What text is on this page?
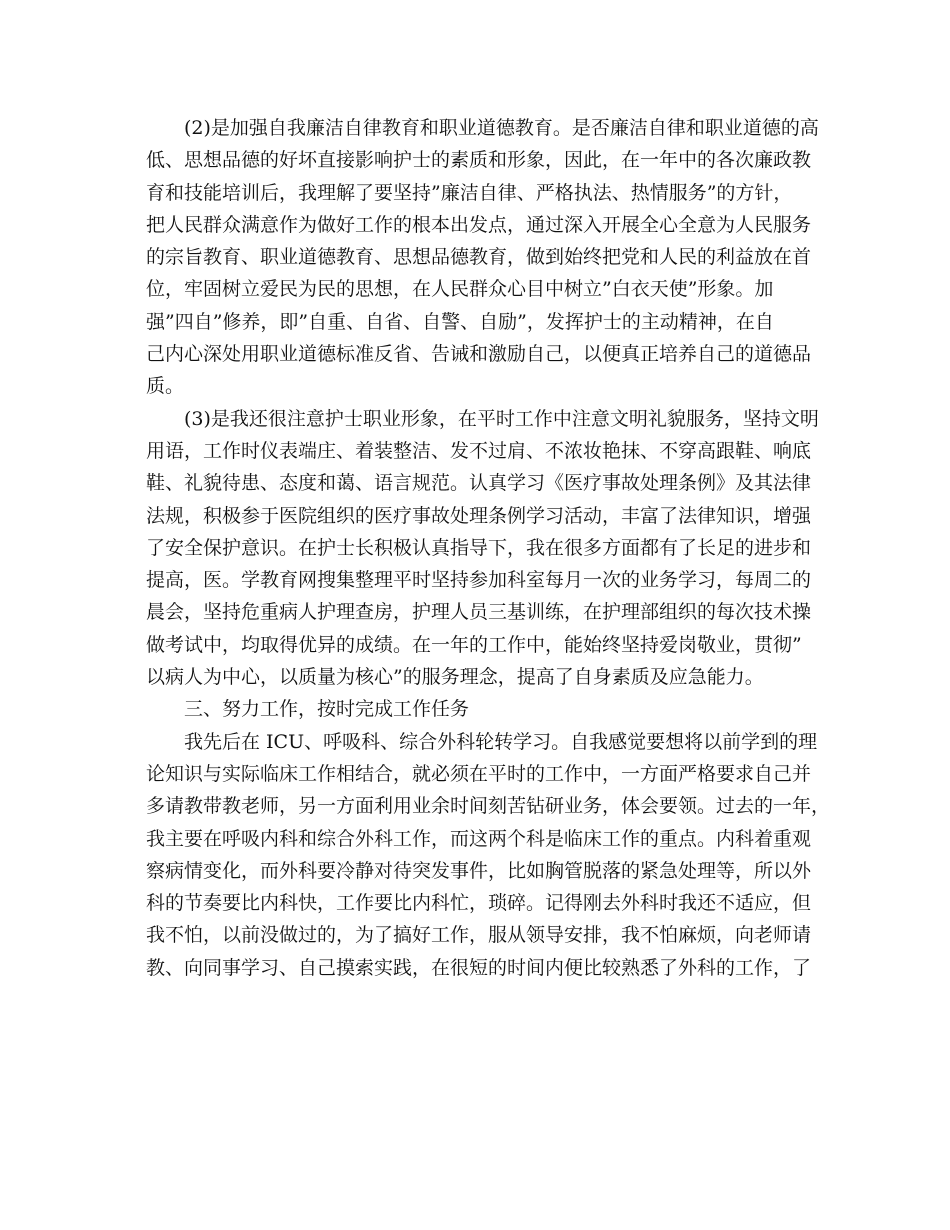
(2)是加强自我廉洁自律教育和职业道德教育。是否廉洁自律和职业道德的高
低、思想品德的好坏直接影响护士的素质和形象，因此，在一年中的各次廉政教
育和技能培训后，我理解了要坚持”廉洁自律、严格执法、热情服务”的方针，
把人民群众满意作为做好工作的根本出发点，通过深入开展全心全意为人民服务
的宗旨教育、职业道德教育、思想品德教育，做到始终把党和人民的利益放在首
位，牢固树立爱民为民的思想，在人民群众心目中树立”白衣天使”形象。加
强”四自”修养，即”自重、自省、自警、自励”，发挥护士的主动精神，在自
己内心深处用职业道德标准反省、告诫和激励自己，以便真正培养自己的道德品
质。
(3)是我还很注意护士职业形象，在平时工作中注意文明礼貌服务，坚持文明
用语，工作时仪表端庄、着装整洁、发不过肩、不浓妆艳抹、不穿高跟鞋、响底
鞋、礼貌待患、态度和蔼、语言规范。认真学习《医疗事故处理条例》及其法律
法规，积极参于医院组织的医疗事故处理条例学习活动，丰富了法律知识，增强
了安全保护意识。在护士长积极认真指导下，我在很多方面都有了长足的进步和
提高，医。学教育网搜集整理平时坚持参加科室每月一次的业务学习，每周二的
晨会，坚持危重病人护理查房，护理人员三基训练，在护理部组织的每次技术操
做考试中，均取得优异的成绩。在一年的工作中，能始终坚持爱岗敬业，贯彻”
以病人为中心，以质量为核心”的服务理念，提高了自身素质及应急能力。
三、努力工作，按时完成工作任务
我先后在 ICU、呼吸科、综合外科轮转学习。自我感觉要想将以前学到的理
论知识与实际临床工作相结合，就必须在平时的工作中，一方面严格要求自己并
多请教带教老师，另一方面利用业余时间刻苦钻研业务，体会要领。过去的一年，
我主要在呼吸内科和综合外科工作，而这两个科是临床工作的重点。内科着重观
察病情变化，而外科要冷静对待突发事件，比如胸管脱落的紧急处理等，所以外
科的节奏要比内科快，工作要比内科忙，琐碎。记得刚去外科时我还不适应，但
我不怕，以前没做过的，为了搞好工作，服从领导安排，我不怕麻烦，向老师请
教、向同事学习、自己摸索实践，在很短的时间内便比较熟悉了外科的工作，了
